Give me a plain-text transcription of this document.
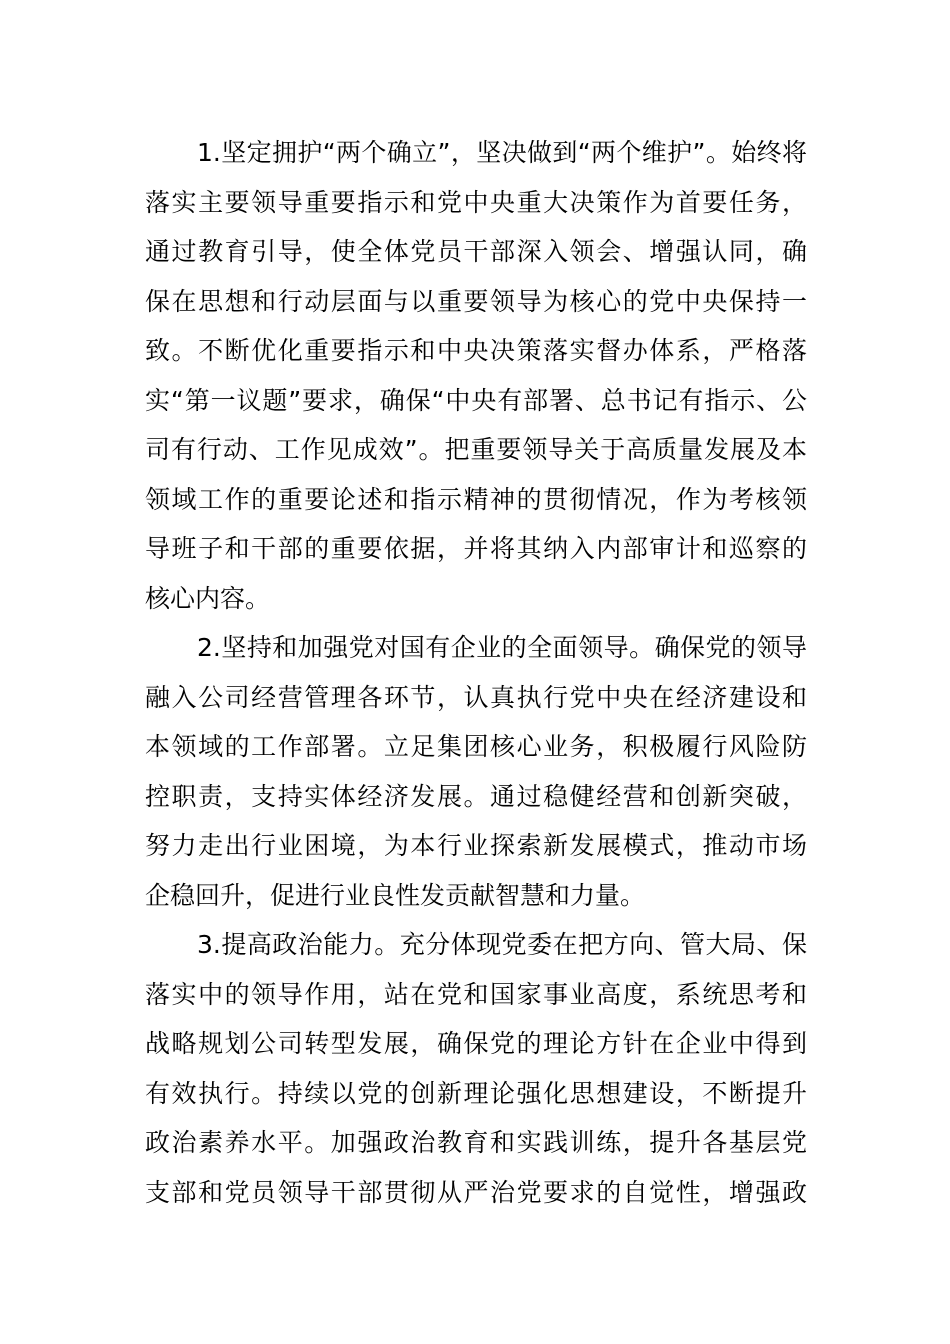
1.坚定拥护“两个确立”，坚决做到“两个维护”。始终将
落实主要领导重要指示和党中央重大决策作为首要任务，
通过教育引导，使全体党员干部深入领会、增强认同，确
保在思想和行动层面与以重要领导为核心的党中央保持一
致。不断优化重要指示和中央决策落实督办体系，严格落
实“第一议题”要求，确保“中央有部署、总书记有指示、公
司有行动、工作见成效”。把重要领导关于高质量发展及本
领域工作的重要论述和指示精神的贯彻情况，作为考核领
导班子和干部的重要依据，并将其纳入内部审计和巡察的
核心内容。
2.坚持和加强党对国有企业的全面领导。确保党的领导
融入公司经营管理各环节，认真执行党中央在经济建设和
本领域的工作部署。立足集团核心业务，积极履行风险防
控职责，支持实体经济发展。通过稳健经营和创新突破，
努力走出行业困境，为本行业探索新发展模式，推动市场
企稳回升，促进行业良性发贡献智慧和力量。
3.提高政治能力。充分体现党委在把方向、管大局、保
落实中的领导作用，站在党和国家事业高度，系统思考和
战略规划公司转型发展，确保党的理论方针在企业中得到
有效执行。持续以党的创新理论强化思想建设，不断提升
政治素养水平。加强政治教育和实践训练，提升各基层党
支部和党员领导干部贯彻从严治党要求的自觉性，增强政
